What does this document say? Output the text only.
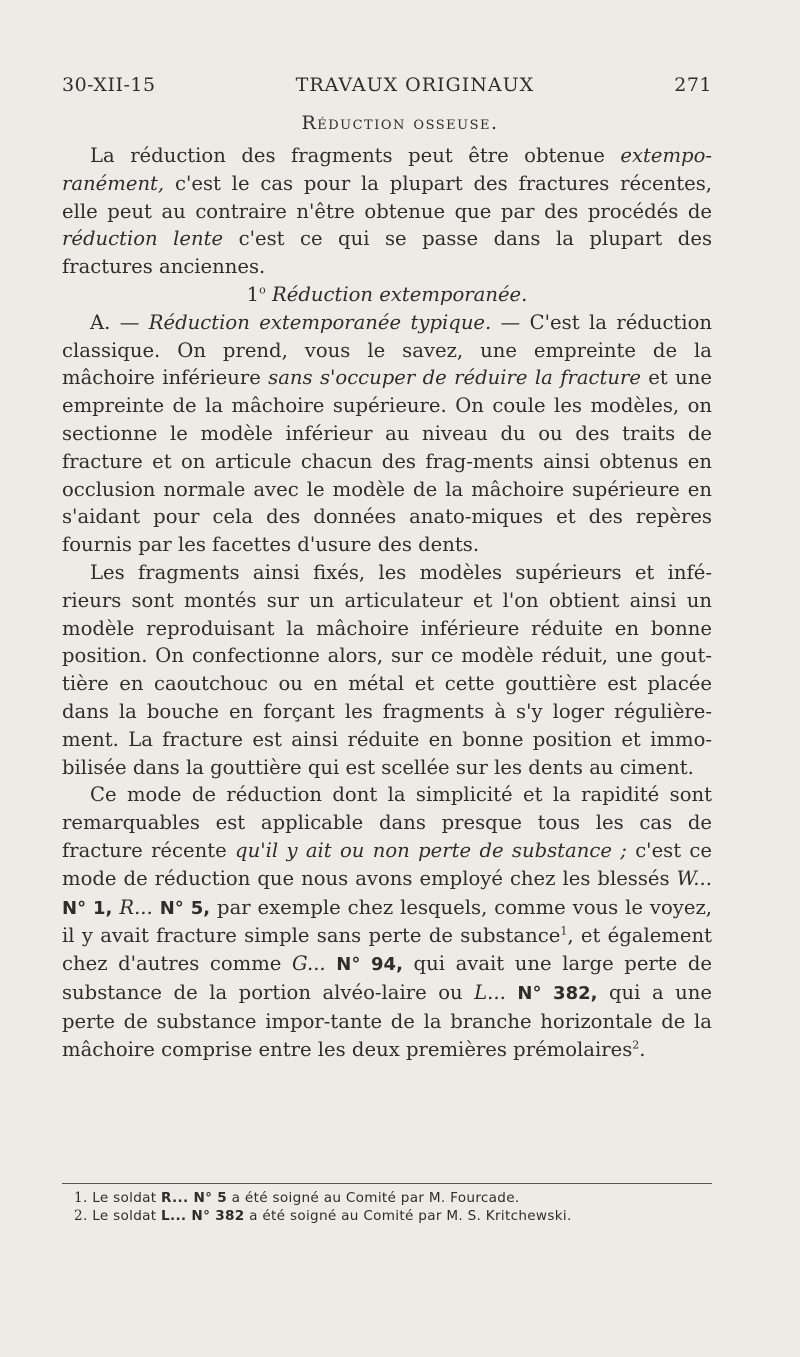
30-XII-15	TRAVAUX ORIGINAUX	271
Réduction osseuse.

La réduction des fragments peut être obtenue extempo-ranément, c'est le cas pour la plupart des fractures récentes, elle peut au contraire n'être obtenue que par des procédés de réduction lente c'est ce qui se passe dans la plupart des fractures anciennes.

1$^o$ Réduction extemporanée.

A. — Réduction extemporanée typique. — C'est la réduction classique. On prend, vous le savez, une empreinte de la mâchoire inférieure sans s'occuper de réduire la fracture et une empreinte de la mâchoire supérieure. On coule les modèles, on sectionne le modèle inférieur au niveau du ou des traits de fracture et on articule chacun des frag-ments ainsi obtenus en occlusion normale avec le modèle de la mâchoire supérieure en s'aidant pour cela des données anato-miques et des repères fournis par les facettes d'usure des dents.

Les fragments ainsi fixés, les modèles supérieurs et infé-rieurs sont montés sur un articulateur et l'on obtient ainsi un modèle reproduisant la mâchoire inférieure réduite en bonne position. On confectionne alors, sur ce modèle réduit, une gout-tière en caoutchouc ou en métal et cette gouttière est placée dans la bouche en forçant les fragments à s'y loger régulière-ment. La fracture est ainsi réduite en bonne position et immo-bilisée dans la gouttière qui est scellée sur les dents au ciment.

Ce mode de réduction dont la simplicité et la rapidité sont remarquables est applicable dans presque tous les cas de fracture récente qu'il y ait ou non perte de substance ; c'est ce mode de réduction que nous avons employé chez les blessés W... N° 1, R... N° 5, par exemple chez lesquels, comme vous le voyez, il y avait fracture simple sans perte de substance$^1$, et également chez d'autres comme G... N° 94, qui avait une large perte de substance de la portion alvéo-laire ou L... N° 382, qui a une perte de substance impor-tante de la branche horizontale de la mâchoire comprise entre les deux premières prémolaires$^2$.

1. Le soldat R... N° 5 a été soigné au Comité par M. Fourcade.
2. Le soldat L... N° 382 a été soigné au Comité par M. S. Kritchewski.
